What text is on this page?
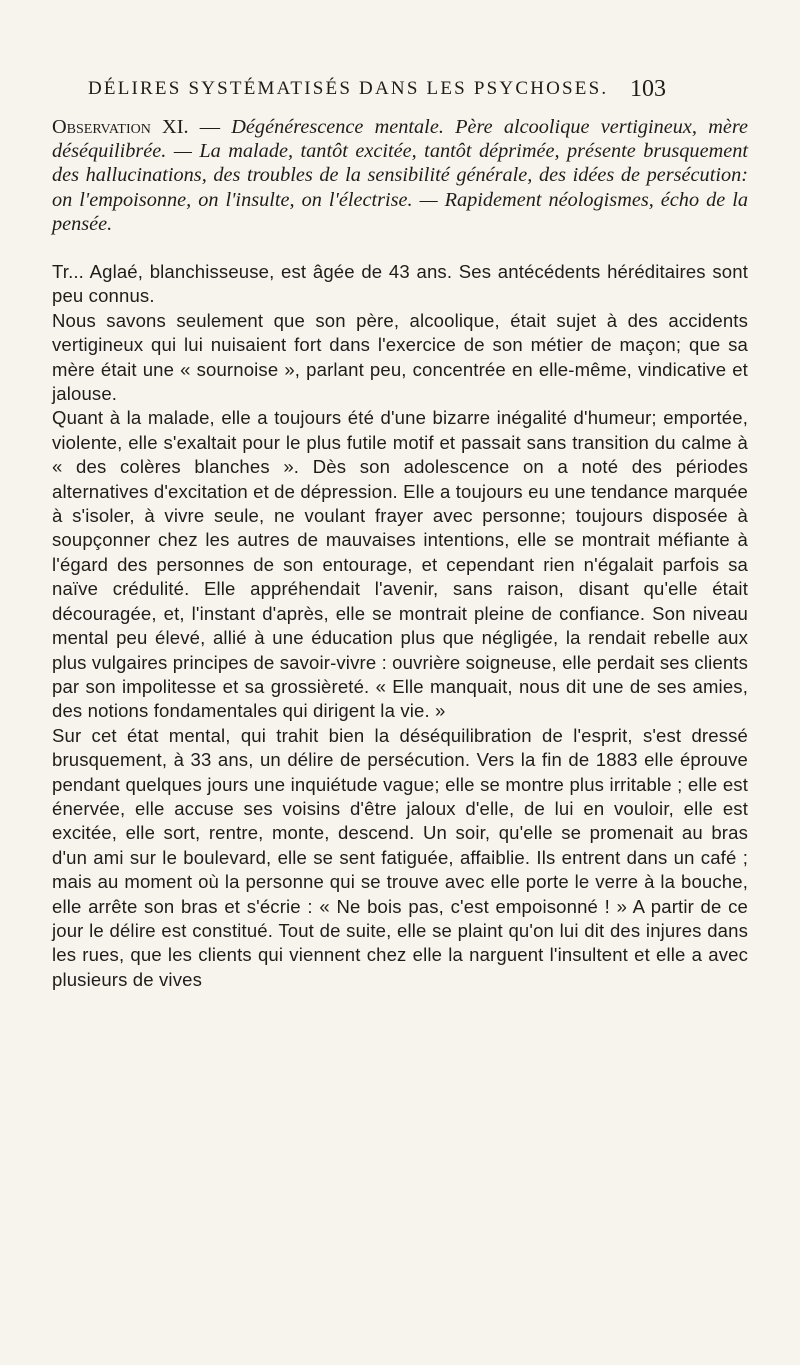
DÉLIRES SYSTÉMATISÉS DANS LES PSYCHOSES. 103
Observation XI. — Dégénérescence mentale. Père alcoolique vertigineux, mère déséquilibrée. — La malade, tantôt excitée, tantôt déprimée, présente brusquement des hallucinations, des troubles de la sensibilité générale, des idées de persécution: on l'empoisonne, on l'insulte, on l'électrise. — Rapidement néologismes, écho de la pensée.

Tr... Aglaé, blanchisseuse, est âgée de 43 ans. Ses antécédents héréditaires sont peu connus.

Nous savons seulement que son père, alcoolique, était sujet à des accidents vertigineux qui lui nuisaient fort dans l'exercice de son métier de maçon; que sa mère était une « sournoise », parlant peu, concentrée en elle-même, vindicative et jalouse.

Quant à la malade, elle a toujours été d'une bizarre inégalité d'humeur; emportée, violente, elle s'exaltait pour le plus futile motif et passait sans transition du calme à « des colères blanches ». Dès son adolescence on a noté des périodes alternatives d'excitation et de dépression. Elle a toujours eu une tendance marquée à s'isoler, à vivre seule, ne voulant frayer avec personne; toujours disposée à soupçonner chez les autres de mauvaises intentions, elle se montrait méfiante à l'égard des personnes de son entourage, et cependant rien n'égalait parfois sa naïve crédulité. Elle appréhendait l'avenir, sans raison, disant qu'elle était découragée, et, l'instant d'après, elle se montrait pleine de confiance. Son niveau mental peu élevé, allié à une éducation plus que négligée, la rendait rebelle aux plus vulgaires principes de savoir-vivre : ouvrière soigneuse, elle perdait ses clients par son impolitesse et sa grossièreté. « Elle manquait, nous dit une de ses amies, des notions fondamentales qui dirigent la vie. »

Sur cet état mental, qui trahit bien la déséquilibration de l'esprit, s'est dressé brusquement, à 33 ans, un délire de persécution. Vers la fin de 1883 elle éprouve pendant quelques jours une inquiétude vague; elle se montre plus irritable ; elle est énervée, elle accuse ses voisins d'être jaloux d'elle, de lui en vouloir, elle est excitée, elle sort, rentre, monte, descend. Un soir, qu'elle se promenait au bras d'un ami sur le boulevard, elle se sent fatiguée, affaiblie. Ils entrent dans un café ; mais au moment où la personne qui se trouve avec elle porte le verre à la bouche, elle arrête son bras et s'écrie : « Ne bois pas, c'est empoisonné ! » A partir de ce jour le délire est constitué. Tout de suite, elle se plaint qu'on lui dit des injures dans les rues, que les clients qui viennent chez elle la narguent l'insultent et elle a avec plusieurs de vives
